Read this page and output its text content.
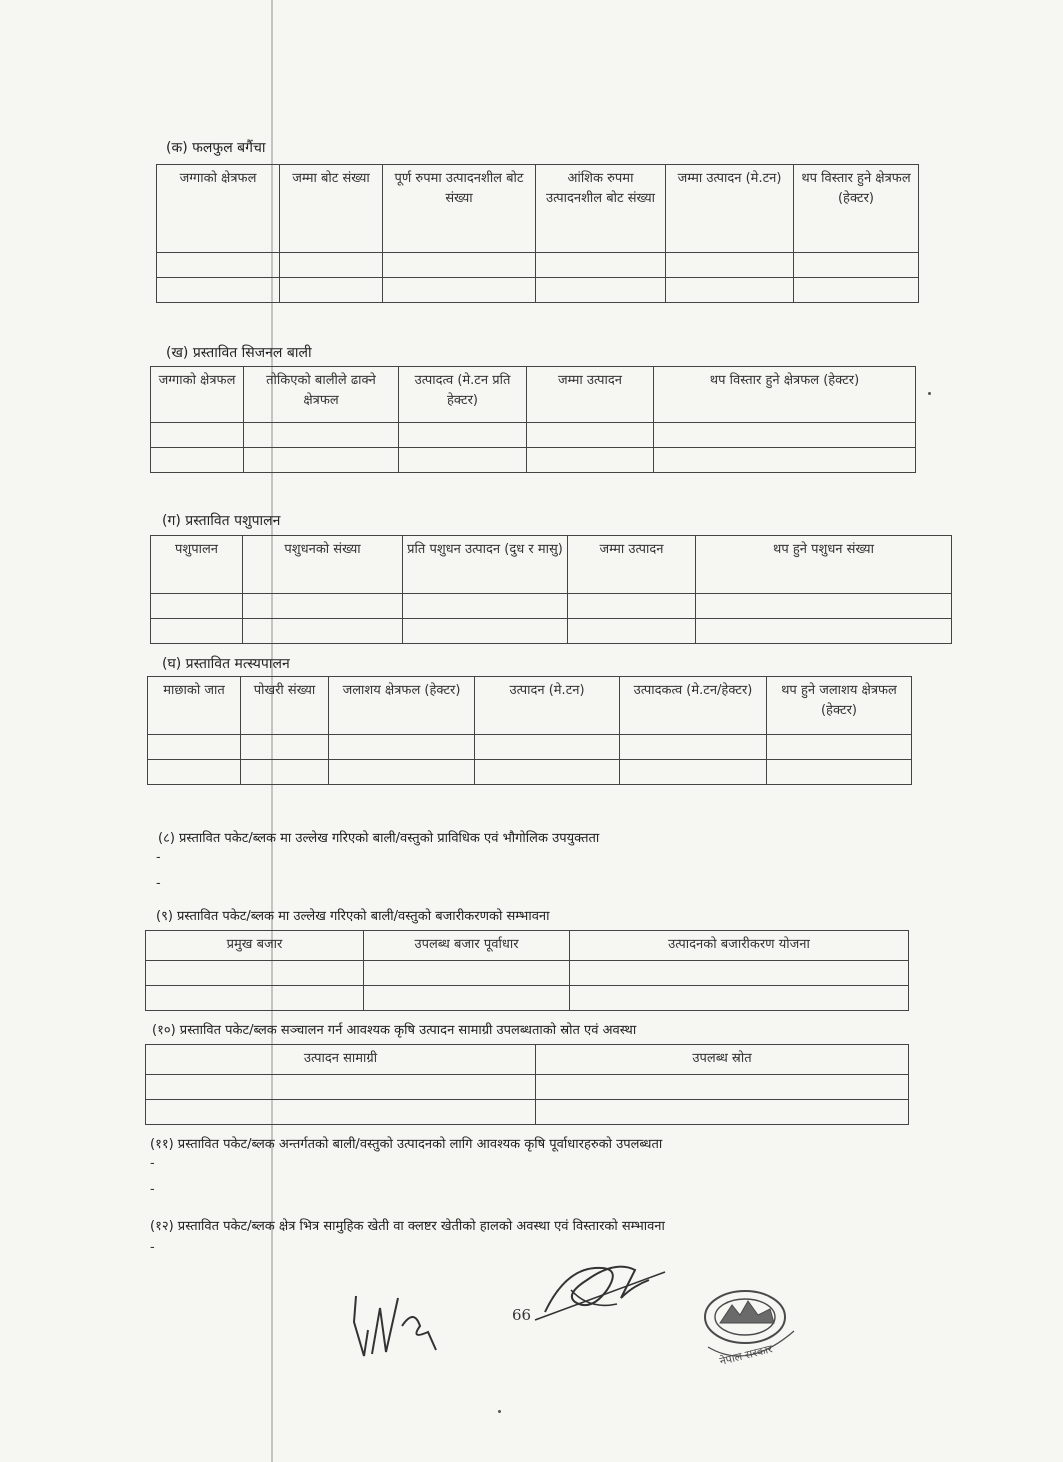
(क) फलफुल बगैंचा
जग्गाको क्षेत्रफल	जम्मा बोट संख्या	पूर्ण रुपमा उत्पादनशील बोट संख्या	आंशिक रुपमा उत्पादनशील बोट संख्या	जम्मा उत्पादन (मे.टन)	थप विस्तार हुने क्षेत्रफल (हेक्टर)

(ख) प्रस्तावित सिजनल बाली
जग्गाको क्षेत्रफल	तोकिएको बालीले ढाक्ने क्षेत्रफल	उत्पादत्व (मे.टन प्रति हेक्टर)	जम्मा उत्पादन	थप विस्तार हुने क्षेत्रफल (हेक्टर)

(ग) प्रस्तावित पशुपालन
पशुपालन	पशुधनको संख्या	प्रति पशुधन उत्पादन (दुध र मासु)	जम्मा उत्पादन	थप हुने पशुधन संख्या

(घ) प्रस्तावित मत्स्यपालन
माछाको जात	पोखरी संख्या	जलाशय क्षेत्रफल (हेक्टर)	उत्पादन (मे.टन)	उत्पादकत्व (मे.टन/हेक्टर)	थप हुने जलाशय क्षेत्रफल (हेक्टर)

(८) प्रस्तावित पकेट/ब्लक मा उल्लेख गरिएको बाली/वस्तुको प्राविधिक एवं भौगोलिक उपयुक्तता
-
-
(९) प्रस्तावित पकेट/ब्लक मा उल्लेख गरिएको बाली/वस्तुको बजारीकरणको सम्भावना
प्रमुख बजार	उपलब्ध बजार पूर्वाधार	उत्पादनको बजारीकरण योजना

(१०) प्रस्तावित पकेट/ब्लक सञ्चालन गर्न आवश्यक कृषि उत्पादन सामाग्री उपलब्धताको स्रोत एवं अवस्था
उत्पादन सामाग्री	उपलब्ध स्रोत

(११) प्रस्तावित पकेट/ब्लक अन्तर्गतको बाली/वस्तुको उत्पादनको लागि आवश्यक कृषि पूर्वाधारहरुको उपलब्धता
-
-
(१२) प्रस्तावित पकेट/ब्लक क्षेत्र भित्र सामुहिक खेती वा क्लष्टर खेतीको हालको अवस्था एवं विस्तारको सम्भावना
-
66
नेपाल सरकार
